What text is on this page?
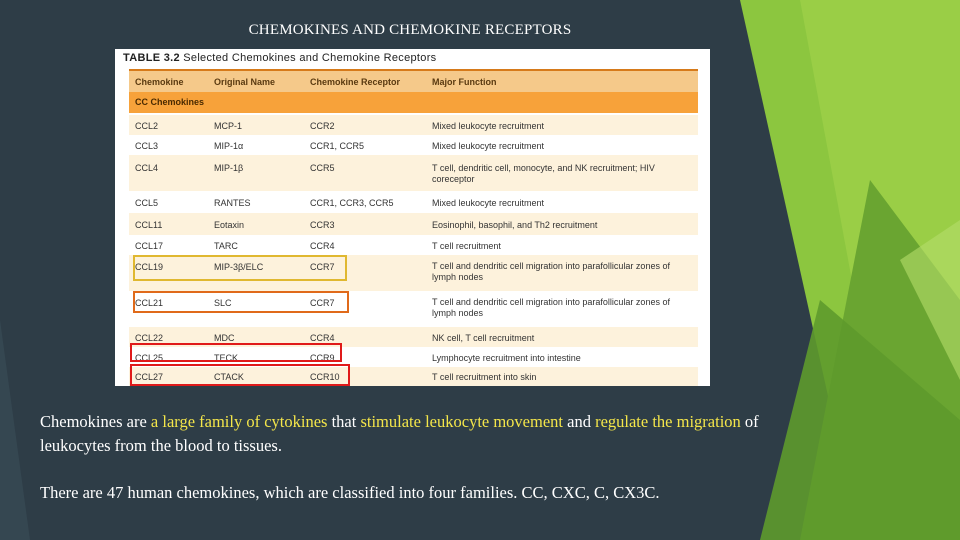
CHEMOKINES AND CHEMOKINE RECEPTORS
TABLE 3.2 Selected Chemokines and Chemokine Receptors
Chemokine	Original Name	Chemokine Receptor	Major Function
CC Chemokines
CCL2	MCP-1	CCR2	Mixed leukocyte recruitment
CCL3	MIP-1α	CCR1, CCR5	Mixed leukocyte recruitment
CCL4	MIP-1β	CCR5	T cell, dendritic cell, monocyte, and NK recruitment; HIV coreceptor
CCL5	RANTES	CCR1, CCR3, CCR5	Mixed leukocyte recruitment
CCL11	Eotaxin	CCR3	Eosinophil, basophil, and Th2 recruitment
CCL17	TARC	CCR4	T cell recruitment
CCL19	MIP-3β/ELC	CCR7	T cell and dendritic cell migration into parafollicular zones of lymph nodes
CCL21	SLC	CCR7	T cell and dendritic cell migration into parafollicular zones of lymph nodes
CCL22	MDC	CCR4	NK cell, T cell recruitment
CCL25	TECK	CCR9	Lymphocyte recruitment into intestine
CCL27	CTACK	CCR10	T cell recruitment into skin
Chemokines are a large family of cytokines that stimulate leukocyte movement and regulate the migration of leukocytes from the blood to tissues.
There are 47 human chemokines, which are classified into four families. CC, CXC, C, CX3C.
